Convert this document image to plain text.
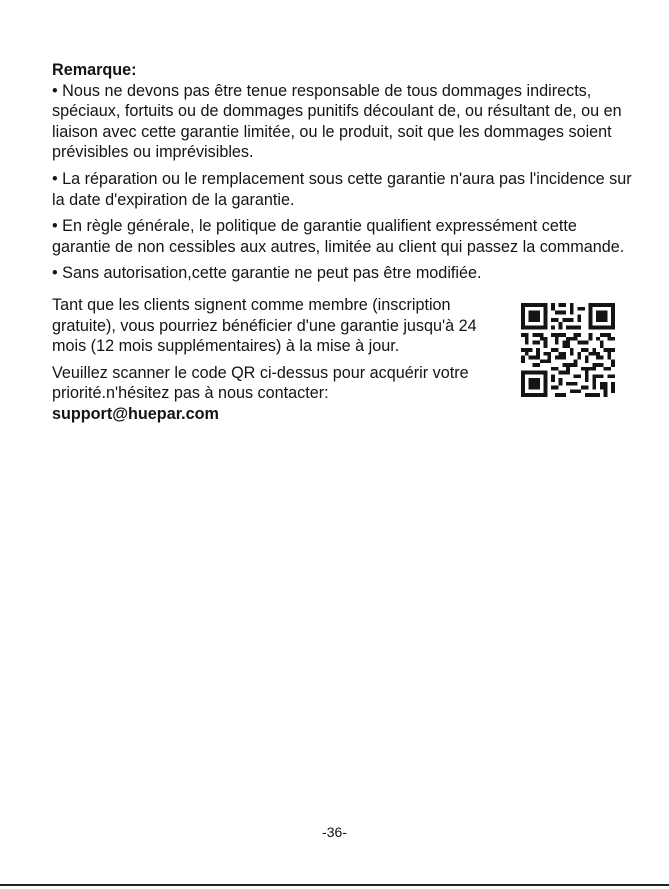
Remarque:

• Nous ne devons pas être tenue responsable de tous dommages indirects, spéciaux, fortuits ou de dommages punitifs découlant de, ou résultant de, ou en liaison avec cette garantie limitée, ou le produit, soit que les dommages soient prévisibles ou imprévisibles.

• La réparation ou le remplacement sous cette garantie n'aura pas l'incidence sur la date d'expiration de la garantie.

• En règle générale, le politique de garantie qualifient expressément cette garantie de non cessibles aux autres, limitée au client qui passez la commande.

• Sans autorisation,cette garantie ne peut pas être modifiée.

Tant que les clients signent comme membre (inscription gratuite), vous pourriez bénéficier d'une garantie jusqu'à 24 mois (12 mois supplémentaires) à la mise à jour.

Veuillez scanner le code QR ci-dessus pour acquérir votre priorité.n'hésitez pas à nous contacter:

support@huepar.com
-36-
